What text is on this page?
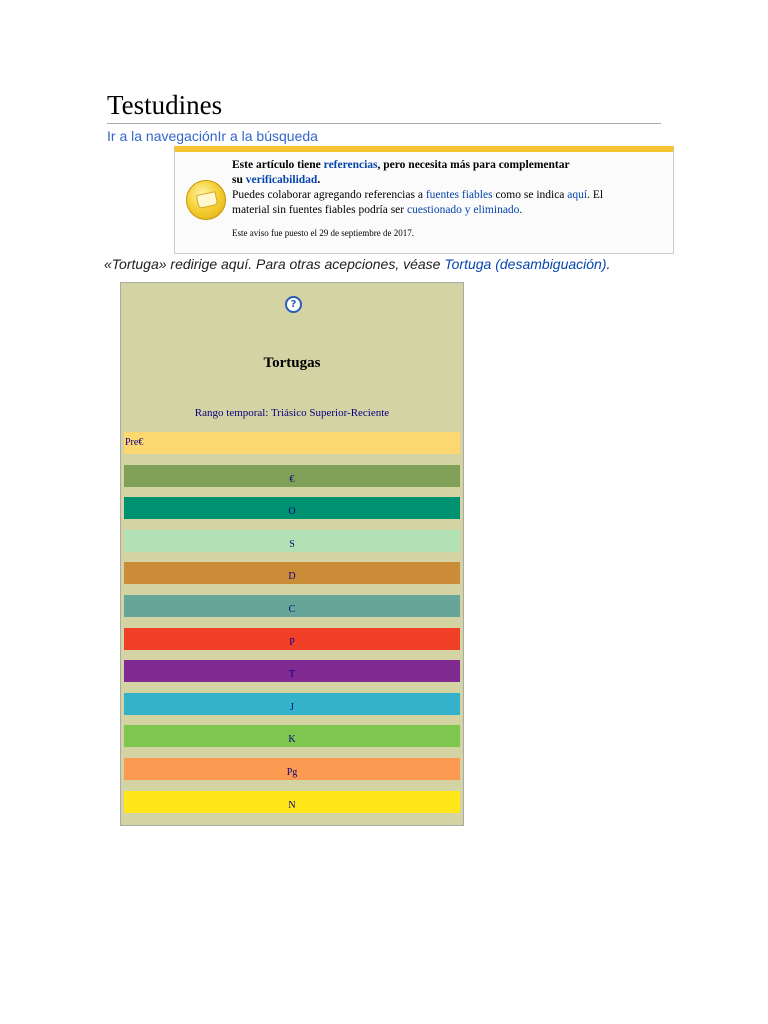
Testudines
Ir a la navegaciónIr a la búsqueda
Este artículo tiene referencias, pero necesita más para complementar
su verificabilidad.
Puedes colaborar agregando referencias a fuentes fiables como se indica aquí. El
material sin fuentes fiables podría ser cuestionado y eliminado.
Este aviso fue puesto el 29 de septiembre de 2017.
«Tortuga» redirige aquí. Para otras acepciones, véase Tortuga (desambiguación).
?
Tortugas
Rango temporal: Triásico Superior-Reciente
Pre€
€
O
S
D
C
P
T
J
K
Pg
N
